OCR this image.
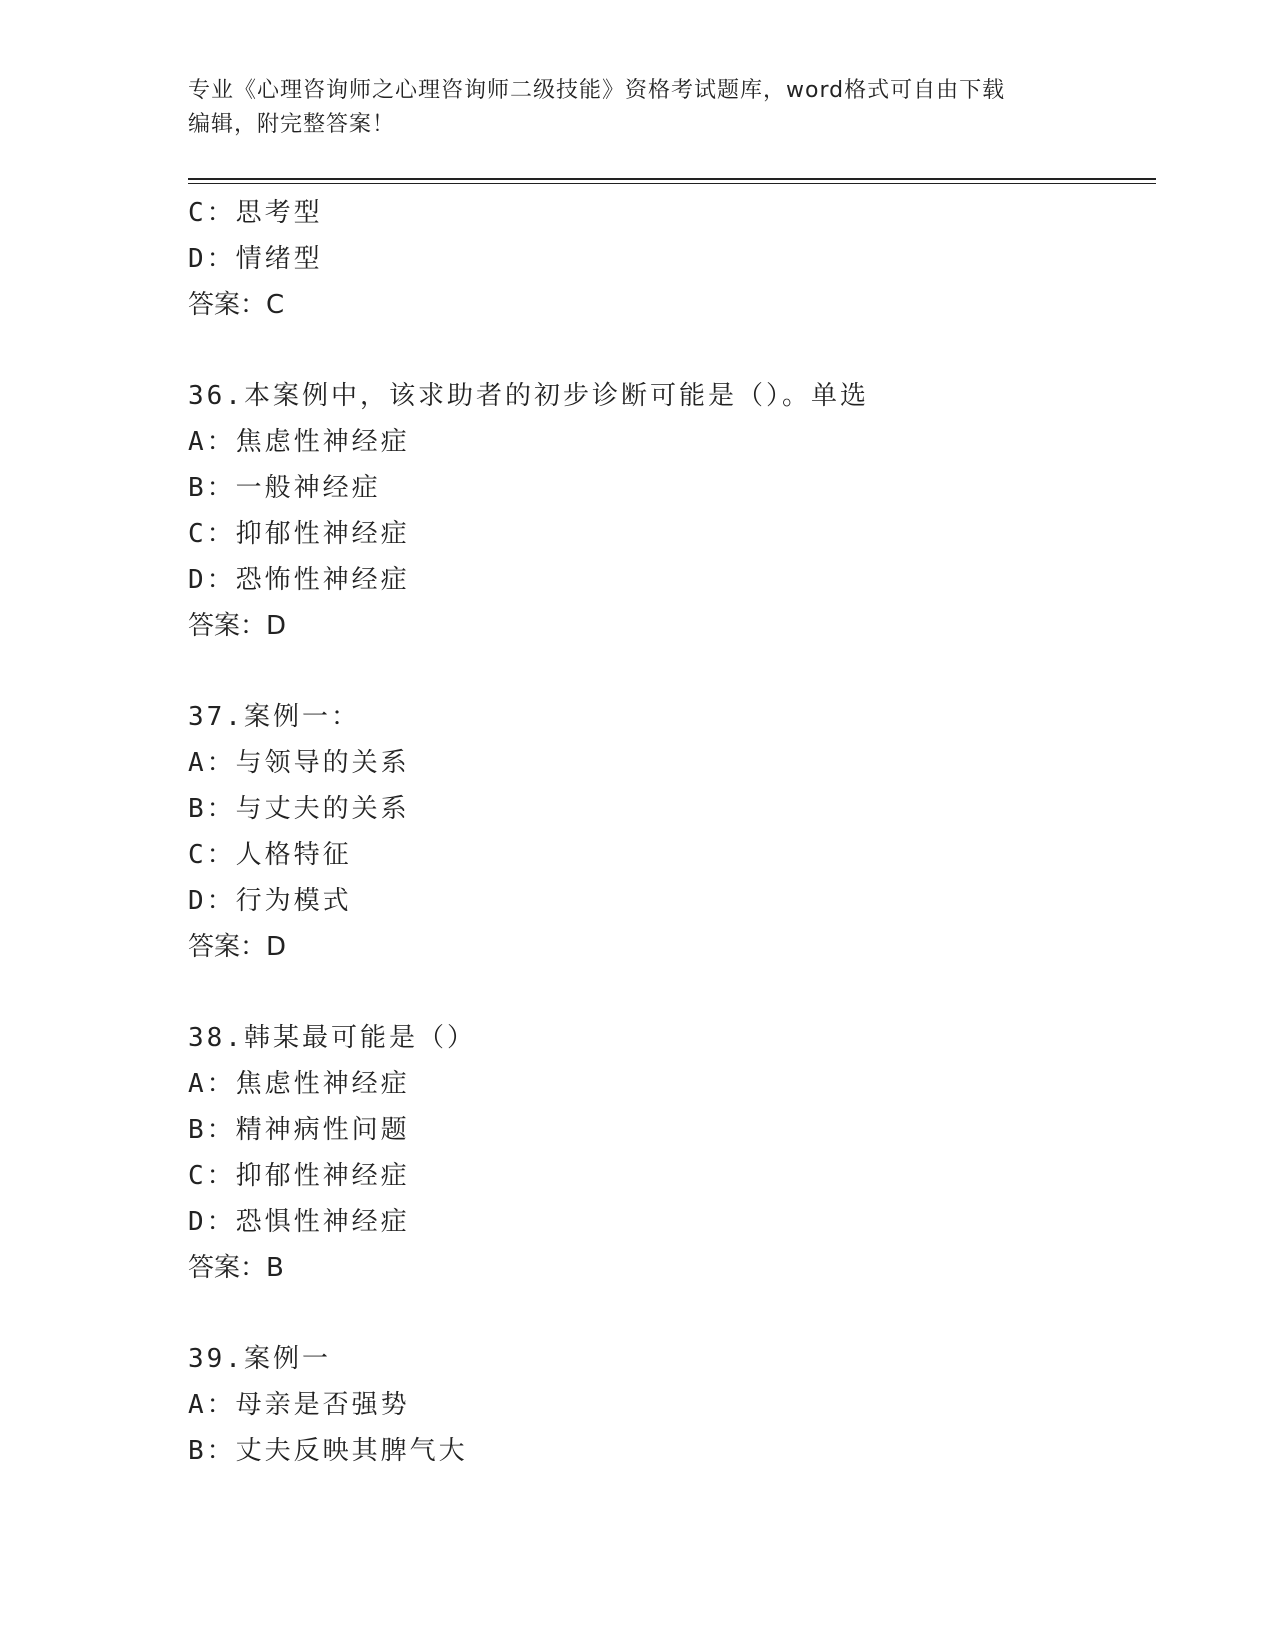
专业《心理咨询师之心理咨询师二级技能》资格考试题库，word格式可自由下载
编辑，附完整答案！
C：思考型
D：情绪型
答案：C
36.本案例中，该求助者的初步诊断可能是（）。单选
A：焦虑性神经症
B：一般神经症
C：抑郁性神经症
D：恐怖性神经症
答案：D
37.案例一：
A：与领导的关系
B：与丈夫的关系
C：人格特征
D：行为模式
答案：D
38.韩某最可能是（）
A：焦虑性神经症
B：精神病性问题
C：抑郁性神经症
D：恐惧性神经症
答案：B
39.案例一
A：母亲是否强势
B：丈夫反映其脾气大
